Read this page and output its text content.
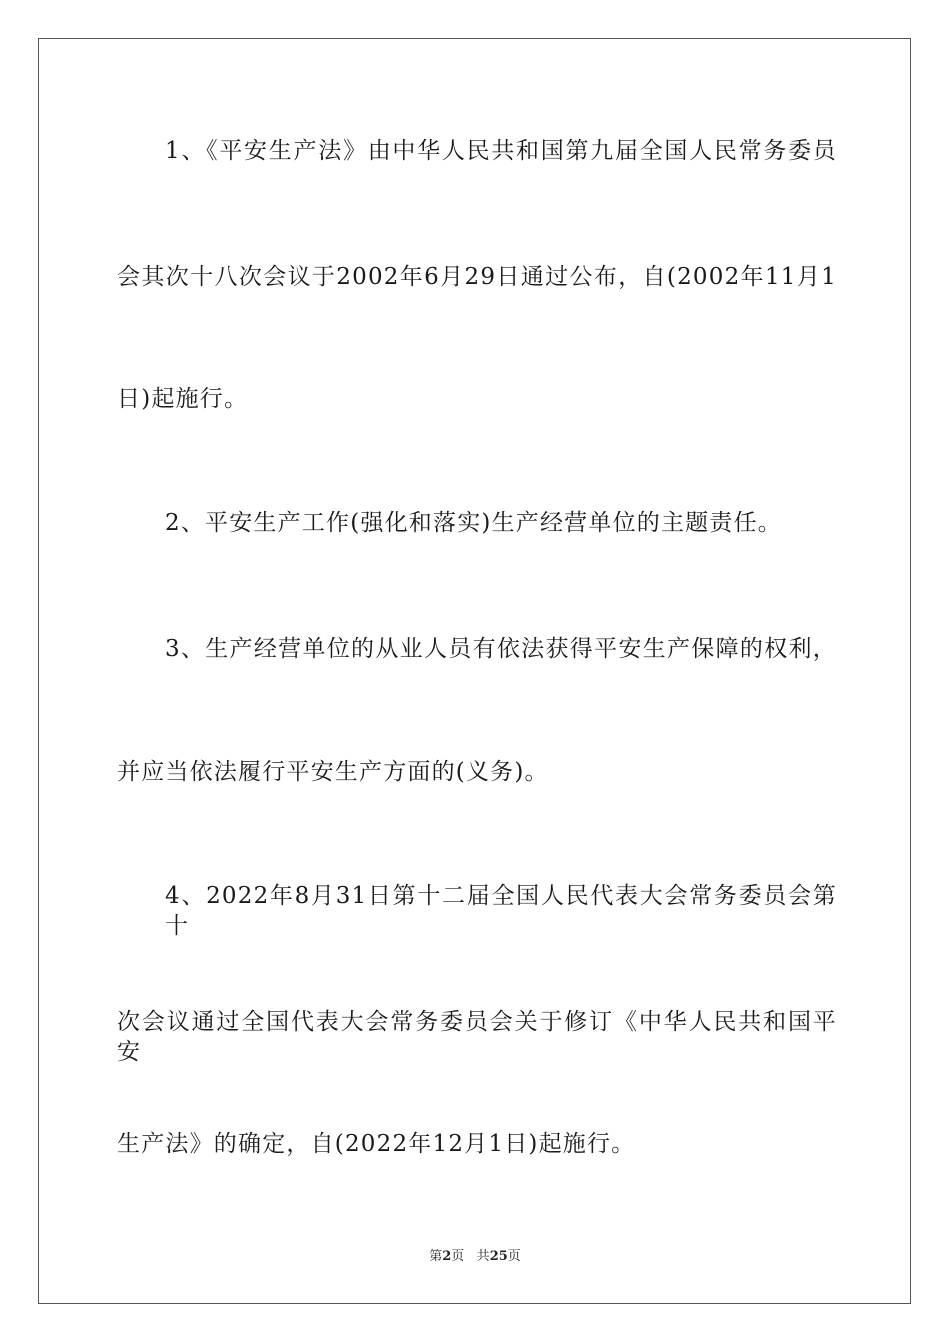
1、《平安生产法》由中华人民共和国第九届全国人民常务委员
会其次十八次会议于2002年6月29日通过公布，自(2002年11月1
日)起施行。
2、平安生产工作(强化和落实)生产经营单位的主题责任。
3、生产经营单位的从业人员有依法获得平安生产保障的权利，
并应当依法履行平安生产方面的(义务)。
4、2022年8月31日第十二届全国人民代表大会常务委员会第十
次会议通过全国代表大会常务委员会关于修订《中华人民共和国平安
生产法》的确定，自(2022年12月1日)起施行。
第2页 共25页
